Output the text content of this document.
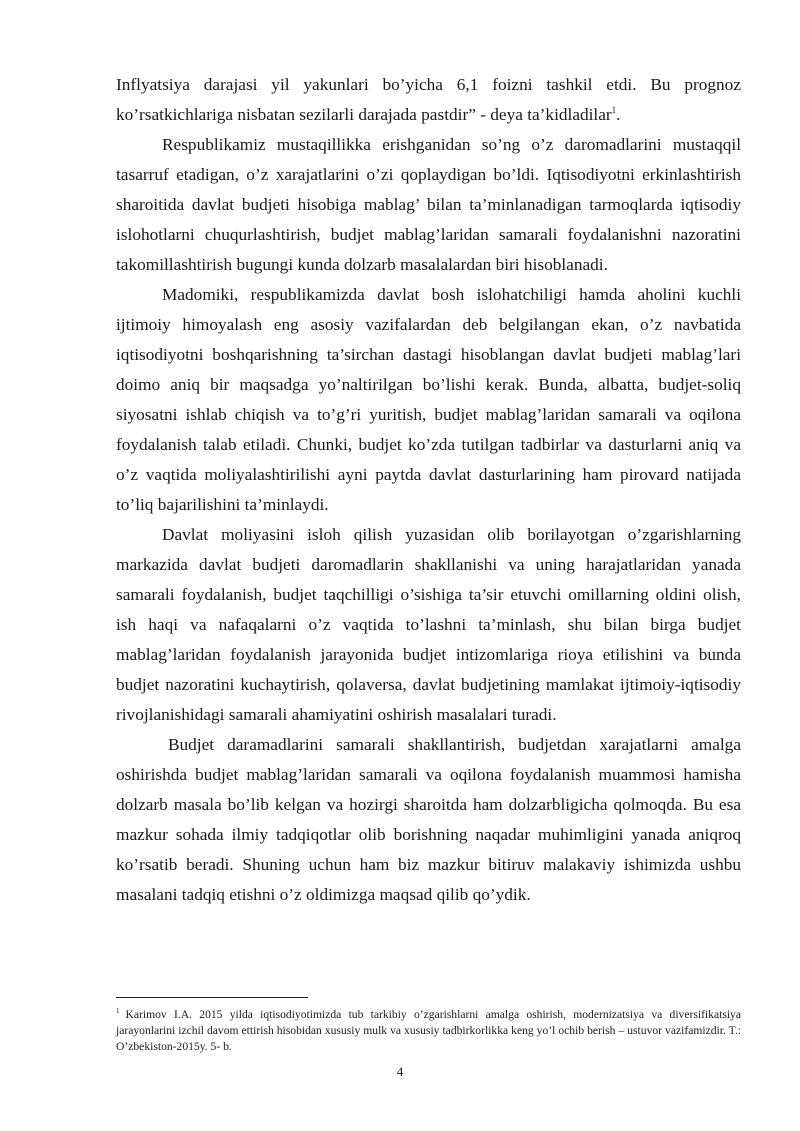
Inflyatsiya darajasi yil yakunlari bo’yicha 6,1 foizni tashkil etdi. Bu prognoz ko’rsatkichlariga nisbatan sezilarli darajada pastdir” - deya ta’kidladilar$^1$.

Respublikamiz mustaqillikka erishganidan so’ng o’z daromadlarini mustaqqil tasarruf etadigan, o’z xarajatlarini o’zi qoplaydigan bo’ldi. Iqtisodiyotni erkinlashtirish sharoitida davlat budjeti hisobiga mablag’ bilan ta’minlanadigan tarmoqlarda iqtisodiy islohotlarni chuqurlashtirish, budjet mablag’laridan samarali foydalanishni nazoratini takomillashtirish bugungi kunda dolzarb masalalardan biri hisoblanadi.

Madomiki, respublikamizda davlat bosh islohatchiligi hamda aholini kuchli ijtimoiy himoyalash eng asosiy vazifalardan deb belgilangan ekan, o’z navbatida iqtisodiyotni boshqarishning ta’sirchan dastagi hisoblangan davlat budjeti mablag’lari doimo aniq bir maqsadga yo’naltirilgan bo’lishi kerak. Bunda, albatta, budjet-soliq siyosatni ishlab chiqish va to’g’ri yuritish, budjet mablag’laridan samarali va oqilona foydalanish talab etiladi. Chunki, budjet ko’zda tutilgan tadbirlar va dasturlarni aniq va o’z vaqtida moliyalashtirilishi ayni paytda davlat dasturlarining ham pirovard natijada to’liq bajarilishini ta’minlaydi.

Davlat moliyasini isloh qilish yuzasidan olib borilayotgan o’zgarishlarning markazida davlat budjeti daromadlarin shakllanishi va uning harajatlaridan yanada samarali foydalanish, budjet taqchilligi o’sishiga ta’sir etuvchi omillarning oldini olish, ish haqi va nafaqalarni o’z vaqtida to’lashni ta’minlash, shu bilan birga budjet mablag’laridan foydalanish jarayonida budjet intizomlariga rioya etilishini va bunda budjet nazoratini kuchaytirish, qolaversa, davlat budjetining mamlakat ijtimoiy-iqtisodiy rivojlanishidagi samarali ahamiyatini oshirish masalalari turadi.

Budjet daramadlarini samarali shakllantirish, budjetdan xarajatlarni amalga oshirishda budjet mablag’laridan samarali va oqilona foydalanish muammosi hamisha dolzarb masala bo’lib kelgan va hozirgi sharoitda ham dolzarbligicha qolmoqda. Bu esa mazkur sohada ilmiy tadqiqotlar olib borishning naqadar muhimligini yanada aniqroq ko’rsatib beradi. Shuning uchun ham biz mazkur bitiruv malakaviy ishimizda ushbu masalani tadqiq etishni o’z oldimizga maqsad qilib qo’ydik.

$^1$ Karimov I.A. 2015 yilda iqtisodiyotimizda tub tarkibiy o’zgarishlarni amalga oshirish, modernizatsiya va diversifikatsiya jarayonlarini izchil davom ettirish hisobidan xususiy mulk va xususiy tadbirkorlikka keng yo’l ochib berish – ustuvor vazifamizdir. T.: O’zbekiston-2015y. 5- b.
4
